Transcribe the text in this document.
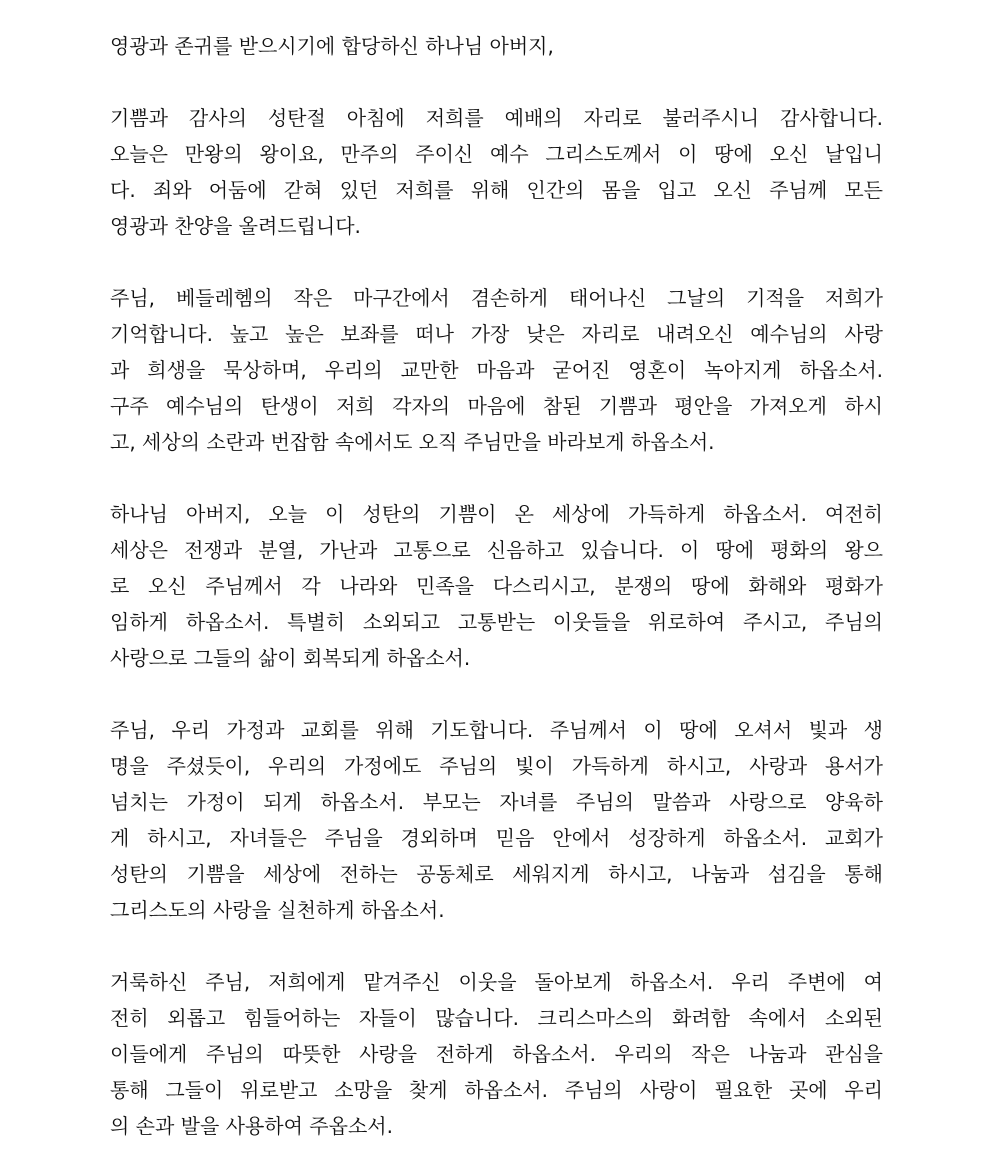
영광과 존귀를 받으시기에 합당하신 하나님 아버지,
기쁨과 감사의 성탄절 아침에 저희를 예배의 자리로 불러주시니 감사합니다.
오늘은 만왕의 왕이요, 만주의 주이신 예수 그리스도께서 이 땅에 오신 날입니
다. 죄와 어둠에 갇혀 있던 저희를 위해 인간의 몸을 입고 오신 주님께 모든
영광과 찬양을 올려드립니다.
주님, 베들레헴의 작은 마구간에서 겸손하게 태어나신 그날의 기적을 저희가
기억합니다. 높고 높은 보좌를 떠나 가장 낮은 자리로 내려오신 예수님의 사랑
과 희생을 묵상하며, 우리의 교만한 마음과 굳어진 영혼이 녹아지게 하옵소서.
구주 예수님의 탄생이 저희 각자의 마음에 참된 기쁨과 평안을 가져오게 하시
고, 세상의 소란과 번잡함 속에서도 오직 주님만을 바라보게 하옵소서.
하나님 아버지, 오늘 이 성탄의 기쁨이 온 세상에 가득하게 하옵소서. 여전히
세상은 전쟁과 분열, 가난과 고통으로 신음하고 있습니다. 이 땅에 평화의 왕으
로 오신 주님께서 각 나라와 민족을 다스리시고, 분쟁의 땅에 화해와 평화가
임하게 하옵소서. 특별히 소외되고 고통받는 이웃들을 위로하여 주시고, 주님의
사랑으로 그들의 삶이 회복되게 하옵소서.
주님, 우리 가정과 교회를 위해 기도합니다. 주님께서 이 땅에 오셔서 빛과 생
명을 주셨듯이, 우리의 가정에도 주님의 빛이 가득하게 하시고, 사랑과 용서가
넘치는 가정이 되게 하옵소서. 부모는 자녀를 주님의 말씀과 사랑으로 양육하
게 하시고, 자녀들은 주님을 경외하며 믿음 안에서 성장하게 하옵소서. 교회가
성탄의 기쁨을 세상에 전하는 공동체로 세워지게 하시고, 나눔과 섬김을 통해
그리스도의 사랑을 실천하게 하옵소서.
거룩하신 주님, 저희에게 맡겨주신 이웃을 돌아보게 하옵소서. 우리 주변에 여
전히 외롭고 힘들어하는 자들이 많습니다. 크리스마스의 화려함 속에서 소외된
이들에게 주님의 따뜻한 사랑을 전하게 하옵소서. 우리의 작은 나눔과 관심을
통해 그들이 위로받고 소망을 찾게 하옵소서. 주님의 사랑이 필요한 곳에 우리
의 손과 발을 사용하여 주옵소서.
